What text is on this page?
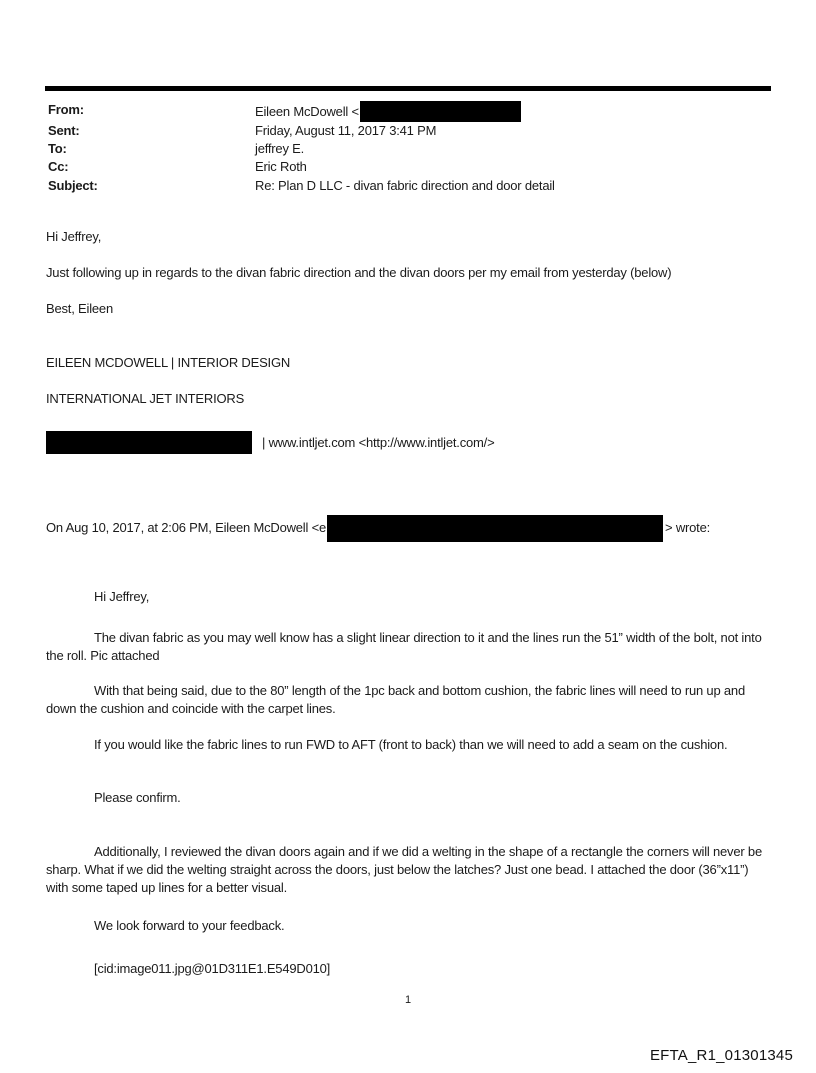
From:	Eileen McDowell <
Sent:	Friday, August 11, 2017 3:41 PM
To:	jeffrey E.
Cc:	Eric Roth
Subject:	Re: Plan D LLC - divan fabric direction and door detail
Hi Jeffrey,
Just following up in regards to the divan fabric direction and the divan doors per my email from yesterday (below)
Best, Eileen
EILEEN MCDOWELL | INTERIOR DESIGN
INTERNATIONAL JET INTERIORS
| www.intljet.com <http://www.intljet.com/>
On Aug 10, 2017, at 2:06 PM, Eileen McDowell <e	> wrote:
Hi Jeffrey,
The divan fabric as you may well know has a slight linear direction to it and the lines run the 51” width of the bolt, not into the roll. Pic attached
With that being said, due to the 80” length of the 1pc back and bottom cushion, the fabric lines will need to run up and down the cushion and coincide with the carpet lines.
If you would like the fabric lines to run FWD to AFT (front to back) than we will need to add a seam on the cushion.
Please confirm.
Additionally, I reviewed the divan doors again and if we did a welting in the shape of a rectangle the corners will never be sharp. What if we did the welting straight across the doors, just below the latches? Just one bead. I attached the door (36”x11”) with some taped up lines for a better visual.
We look forward to your feedback.
[cid:image011.jpg@01D311E1.E549D010]
1
EFTA_R1_01301345
